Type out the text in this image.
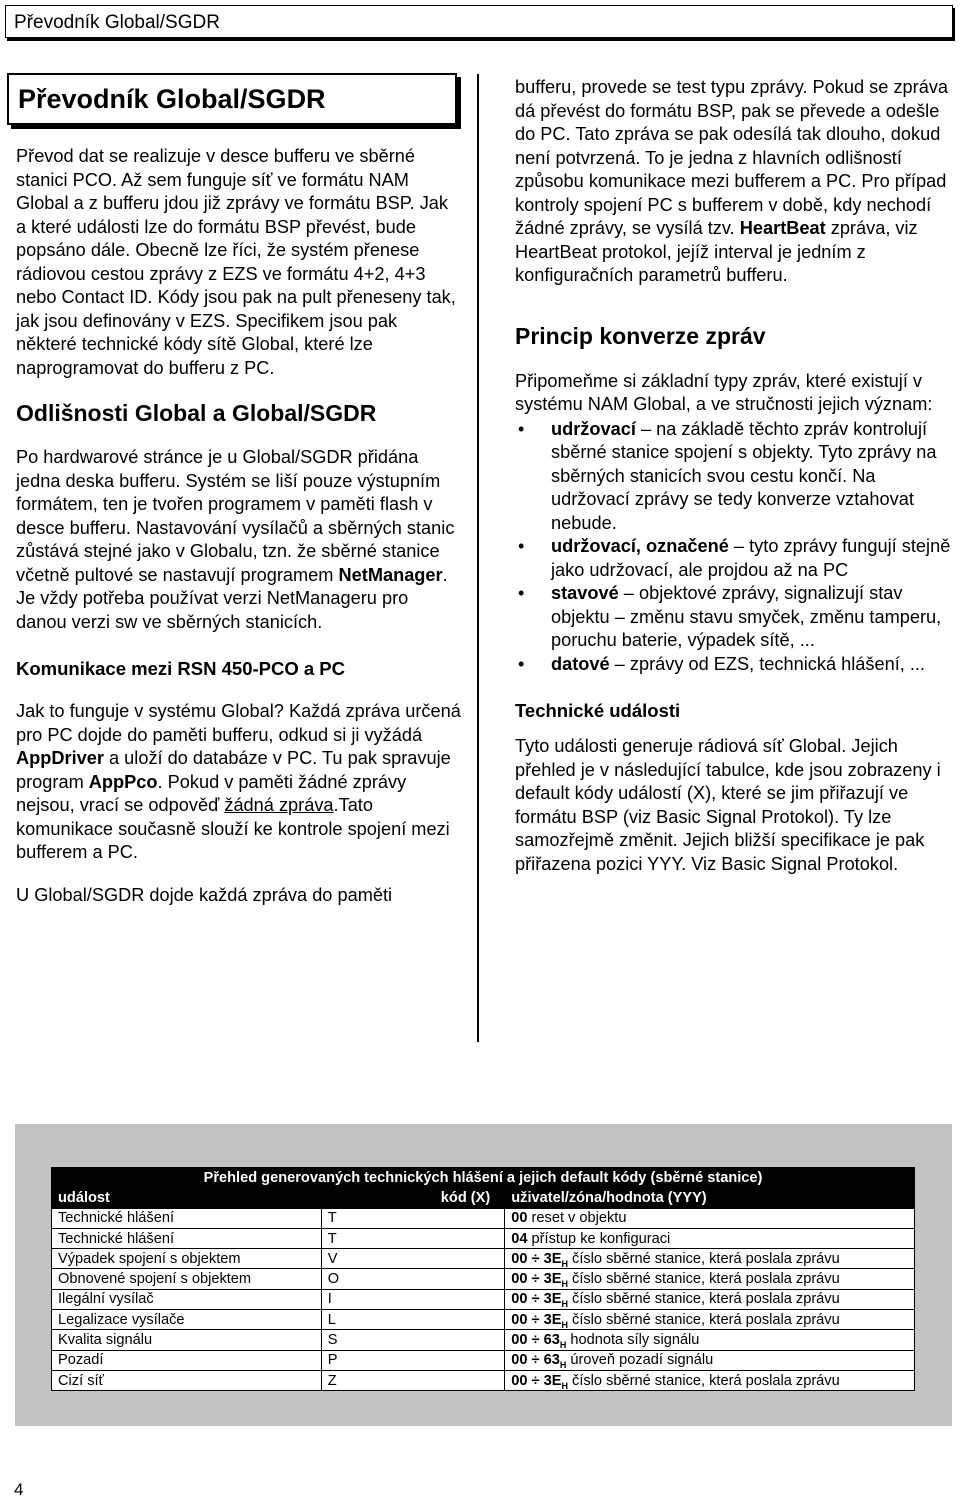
Převodník Global/SGDR
Převodník Global/SGDR

Převod dat se realizuje v desce bufferu ve sběrné stanici PCO. Až sem funguje síť ve formátu NAM Global a z bufferu jdou již zprávy ve formátu BSP. Jak a které události lze do formátu BSP převést, bude popsáno dále. Obecně lze říci, že systém přenese rádiovou cestou zprávy z EZS ve formátu 4+2, 4+3 nebo Contact ID. Kódy jsou pak na pult přeneseny tak, jak jsou definovány v EZS. Specifikem jsou pak některé technické kódy sítě Global, které lze naprogramovat do bufferu z PC.

Odlišnosti Global a Global/SGDR

Po hardwarové stránce je u Global/SGDR přidána jedna deska bufferu. Systém se liší pouze výstupním formátem, ten je tvořen programem v paměti flash v desce bufferu. Nastavování vysílačů a sběrných stanic zůstává stejné jako v Globalu, tzn. že sběrné stanice včetně pultové se nastavují programem NetManager. Je vždy potřeba používat verzi NetManageru pro danou verzi sw ve sběrných stanicích.

Komunikace mezi RSN 450-PCO a PC

Jak to funguje v systému Global? Každá zpráva určená pro PC dojde do paměti bufferu, odkud si ji vyžádá AppDriver a uloží do databáze v PC. Tu pak spravuje program AppPco. Pokud v paměti žádné zprávy nejsou, vrací se odpověď žádná zpráva.Tato komunikace současně slouží ke kontrole spojení mezi bufferem a PC.

U Global/SGDR dojde každá zpráva do paměti

bufferu, provede se test typu zprávy. Pokud se zpráva dá převést do formátu BSP, pak se převede a odešle do PC. Tato zpráva se pak odesílá tak dlouho, dokud není potvrzená. To je jedna z hlavních odlišností způsobu komunikace mezi bufferem a PC. Pro případ kontroly spojení PC s bufferem v době, kdy nechodí žádné zprávy, se vysílá tzv. HeartBeat zpráva, viz HeartBeat protokol, jejíž interval je jedním z konfiguračních parametrů bufferu.

Princip konverze zpráv

Připomeňme si základní typy zpráv, které existují v systému NAM Global, a ve stručnosti jejich význam:

• udržovací – na základě těchto zpráv kontrolují sběrné stanice spojení s objekty. Tyto zprávy na sběrných stanicích svou cestu končí. Na udržovací zprávy se tedy konverze vztahovat nebude.
• udržovací, označené – tyto zprávy fungují stejně jako udržovací, ale projdou až na PC
• stavové – objektové zprávy, signalizují stav objektu – změnu stavu smyček, změnu tamperu, poruchu baterie, výpadek sítě, ...
• datové – zprávy od EZS, technická hlášení, ...
Technické události

Tyto události generuje rádiová síť Global. Jejich přehled je v následující tabulce, kde jsou zobrazeny i default kódy událostí (X), které se jim přiřazují ve formátu BSP (viz Basic Signal Protokol). Ty lze samozřejmě změnit. Jejich bližší specifikace je pak přiřazena pozici YYY. Viz Basic Signal Protokol.

Přehled generovaných technických hlášení a jejich default kódy (sběrné stanice)		
událost	kód (X)	uživatel/zóna/hodnota (YYY)
Technické hlášení	T	00 reset v objektu
Technické hlášení	T	04 přístup ke konfiguraci
Výpadek spojení s objektem	V	$00 \div 3E_H$ číslo sběrné stanice, která poslala zprávu
Obnovené spojení s objektem	O	$00 \div 3E_H$ číslo sběrné stanice, která poslala zprávu
Ilegální vysílač	I	$00 \div 3E_H$ číslo sběrné stanice, která poslala zprávu
Legalizace vysílače	L	$00 \div 3E_H$ číslo sběrné stanice, která poslala zprávu
Kvalita signálu	S	$00 \div 63_H$ hodnota síly signálu
Pozadí	P	$00 \div 63_H$ úroveň pozadí signálu
Cizí síť	Z	$00 \div 3E_H$ číslo sběrné stanice, která poslala zprávu
4
